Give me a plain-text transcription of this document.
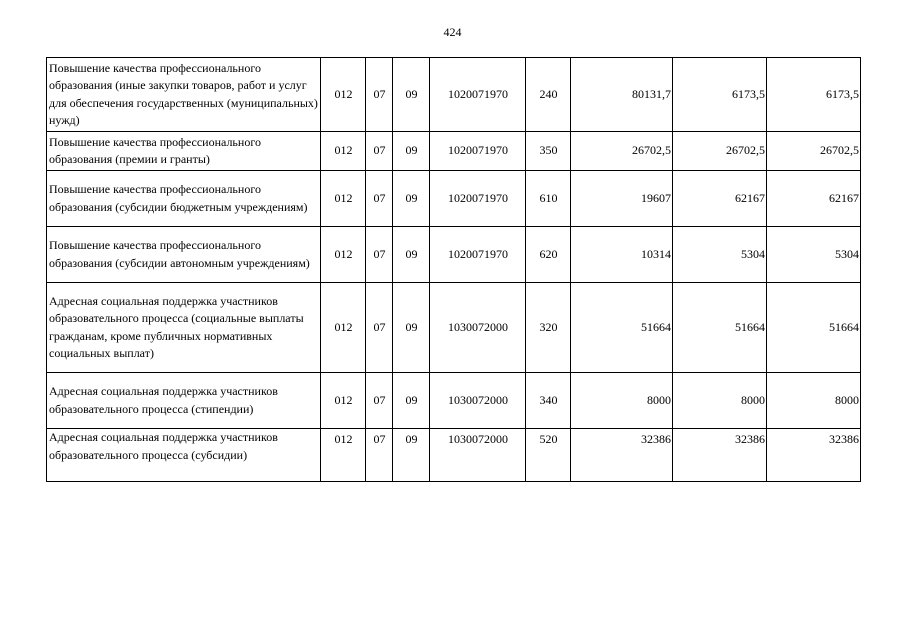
424
Повышение качества профессионального образования (иные закупки товаров, работ и услуг для обеспечения государственных (муниципальных) нужд)	012	07	09	1020071970	240	80131,7	6173,5	6173,5
Повышение качества профессионального образования (премии и гранты)	012	07	09	1020071970	350	26702,5	26702,5	26702,5
Повышение качества профессионального образования (субсидии бюджетным учреждениям)	012	07	09	1020071970	610	19607	62167	62167
Повышение качества профессионального образования (субсидии автономным учреждениям)	012	07	09	1020071970	620	10314	5304	5304
Адресная социальная поддержка участников образовательного процесса (социальные выплаты гражданам, кроме публичных нормативных социальных выплат)	012	07	09	1030072000	320	51664	51664	51664
Адресная социальная поддержка участников образовательного процесса (стипендии)	012	07	09	1030072000	340	8000	8000	8000
Адресная социальная поддержка участников образовательного процесса (субсидии)	012	07	09	1030072000	520	32386	32386	32386
